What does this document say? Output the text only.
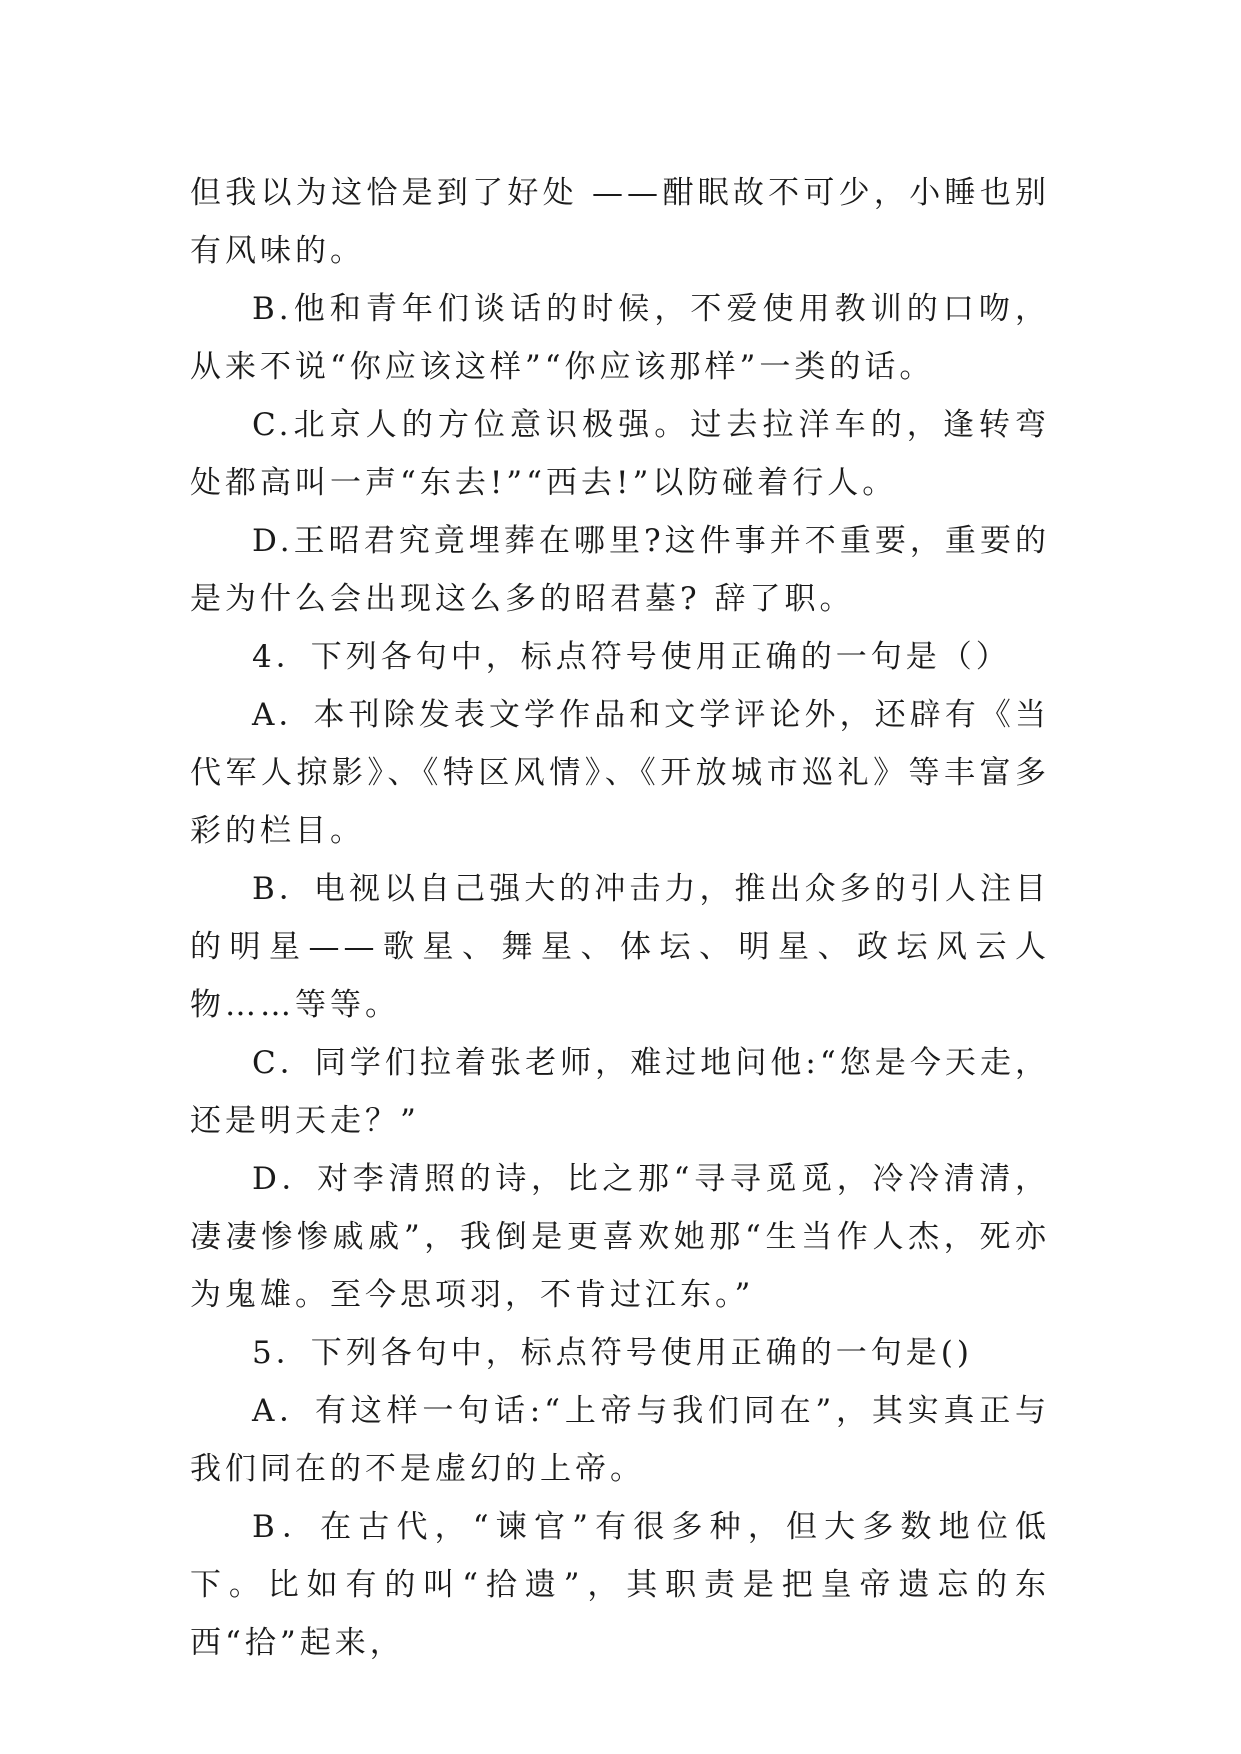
但我以为这恰是到了好处 ——酣眠故不可少，小睡也别有风味的。

B.他和青年们谈话的时候，不爱使用教训的口吻，从来不说“你应该这样”“你应该那样”一类的话。

C.北京人的方位意识极强。过去拉洋车的，逢转弯处都高叫一声“东去!”“西去!”以防碰着行人。

D.王昭君究竟埋葬在哪里?这件事并不重要，重要的是为什么会出现这么多的昭君墓? 辞了职。

4．下列各句中，标点符号使用正确的一句是（）

A．本刊除发表文学作品和文学评论外，还辟有《当代军人掠影》、《特区风情》、《开放城市巡礼》等丰富多彩的栏目。

B．电视以自己强大的冲击力，推出众多的引人注目的明星——歌星、舞星、体坛、明星、政坛风云人物……等等。

C．同学们拉着张老师，难过地问他:“您是今天走，还是明天走？”

D．对李清照的诗，比之那“寻寻觅觅，冷冷清清，凄凄惨惨戚戚”，我倒是更喜欢她那“生当作人杰，死亦为鬼雄。至今思项羽，不肯过江东。”

5．下列各句中，标点符号使用正确的一句是()

A．有这样一句话:“上帝与我们同在”，其实真正与我们同在的不是虚幻的上帝。

B．在古代，“谏官”有很多种，但大多数地位低下。比如有的叫“拾遗”，其职责是把皇帝遗忘的东西“拾”起来，
